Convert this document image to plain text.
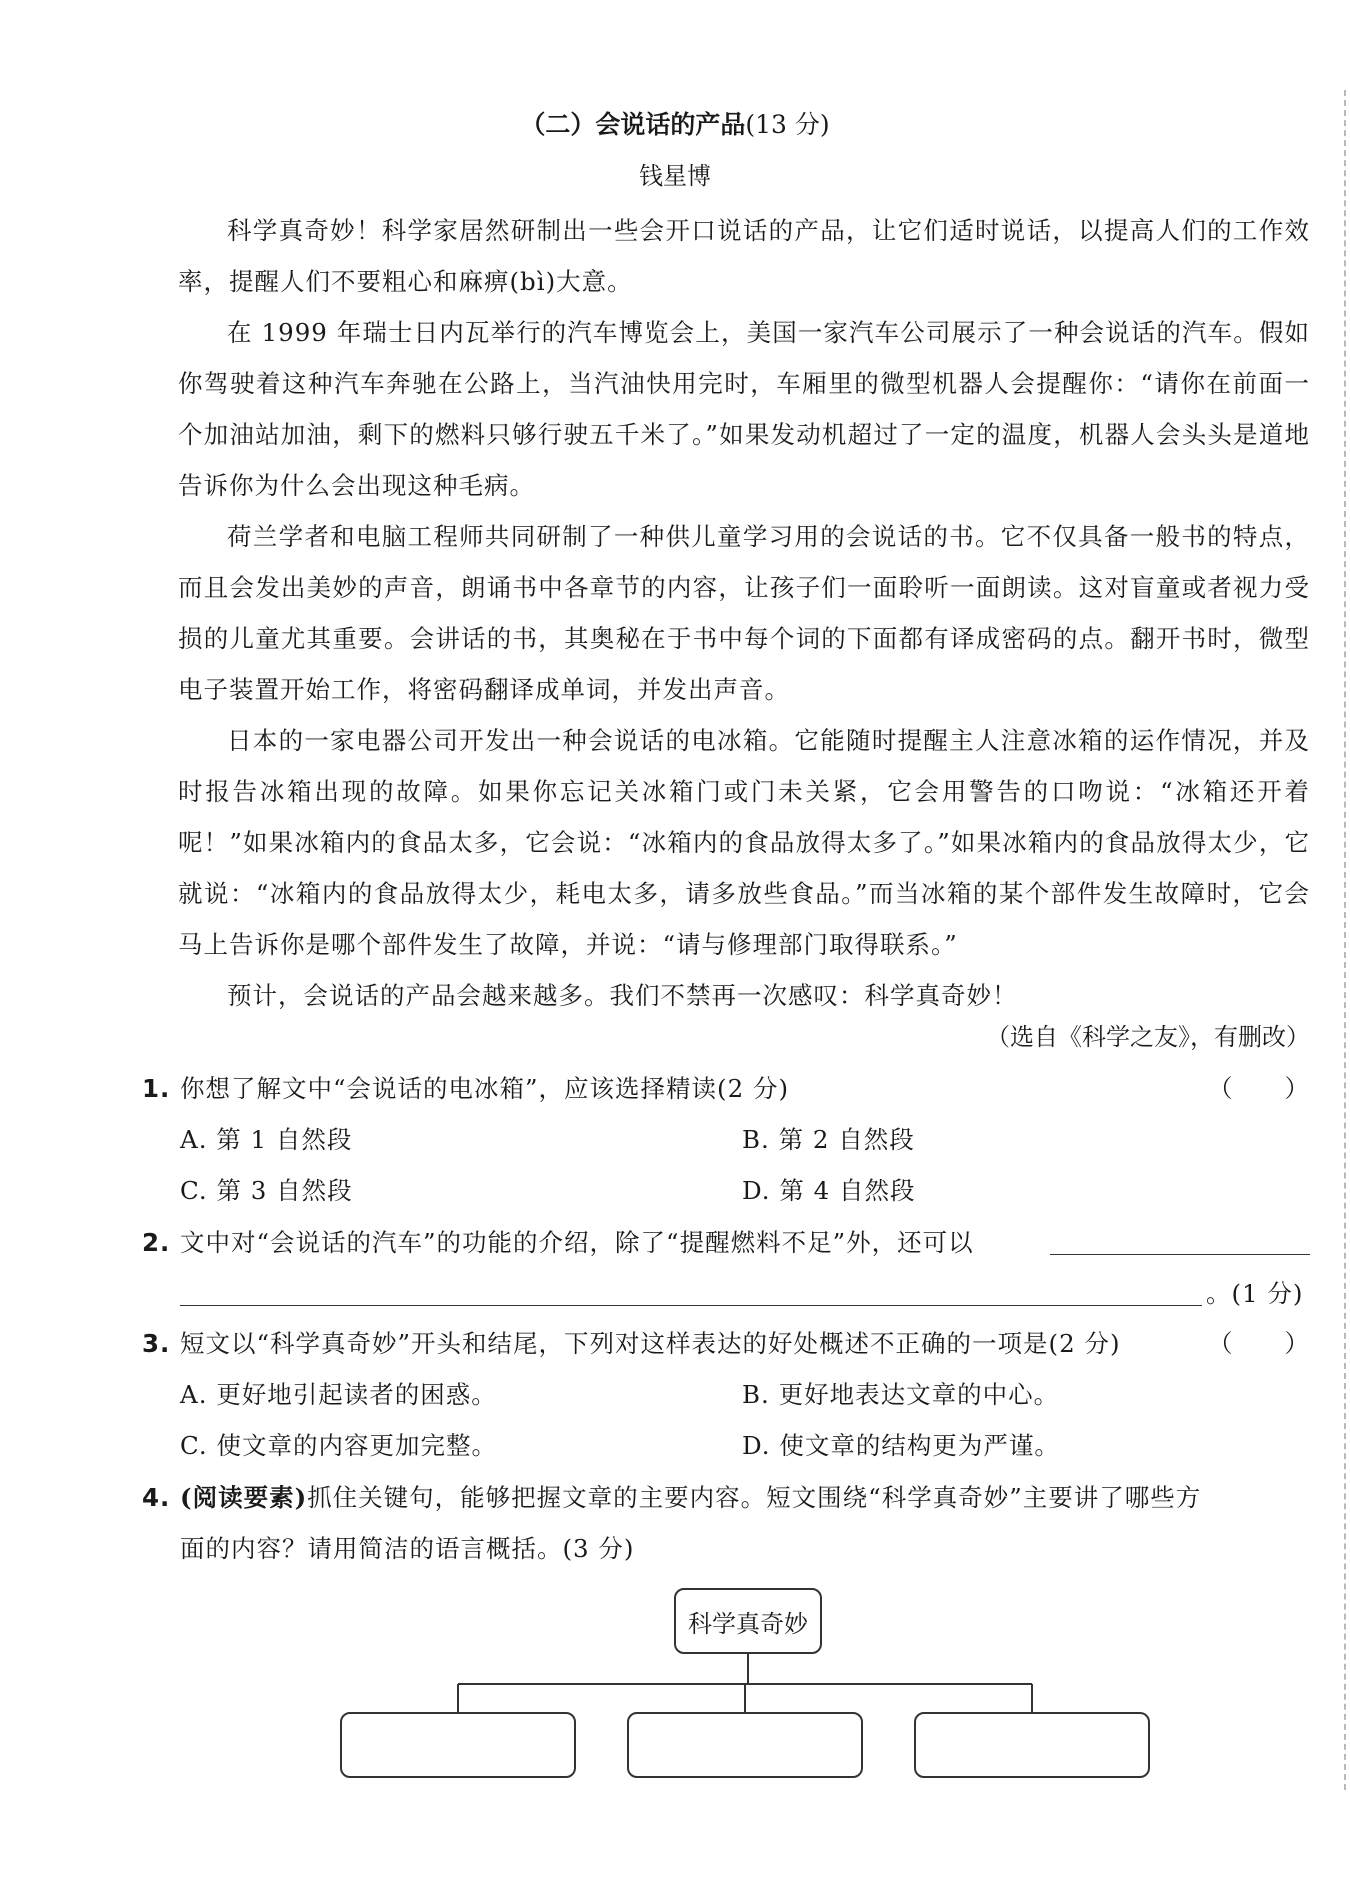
（二）会说话的产品(13 分)
钱星博

科学真奇妙！科学家居然研制出一些会开口说话的产品，让它们适时说话，以提高人们的工作效率，提醒人们不要粗心和麻痹(bì)大意。

在 1999 年瑞士日内瓦举行的汽车博览会上，美国一家汽车公司展示了一种会说话的汽车。假如你驾驶着这种汽车奔驰在公路上，当汽油快用完时，车厢里的微型机器人会提醒你：“请你在前面一个加油站加油，剩下的燃料只够行驶五千米了。”如果发动机超过了一定的温度，机器人会头头是道地告诉你为什么会出现这种毛病。

荷兰学者和电脑工程师共同研制了一种供儿童学习用的会说话的书。它不仅具备一般书的特点，而且会发出美妙的声音，朗诵书中各章节的内容，让孩子们一面聆听一面朗读。这对盲童或者视力受损的儿童尤其重要。会讲话的书，其奥秘在于书中每个词的下面都有译成密码的点。翻开书时，微型电子装置开始工作，将密码翻译成单词，并发出声音。

日本的一家电器公司开发出一种会说话的电冰箱。它能随时提醒主人注意冰箱的运作情况，并及时报告冰箱出现的故障。如果你忘记关冰箱门或门未关紧，它会用警告的口吻说：“冰箱还开着呢！”如果冰箱内的食品太多，它会说：“冰箱内的食品放得太多了。”如果冰箱内的食品放得太少，它就说：“冰箱内的食品放得太少，耗电太多，请多放些食品。”而当冰箱的某个部件发生故障时，它会马上告诉你是哪个部件发生了故障，并说：“请与修理部门取得联系。”

预计，会说话的产品会越来越多。我们不禁再一次感叹：科学真奇妙！

（选自《科学之友》，有删改）
1. 你想了解文中“会说话的电冰箱”，应该选择精读(2 分)	（　　）
A. 第 1 自然段	B. 第 2 自然段
C. 第 3 自然段	D. 第 4 自然段
2. 文中对“会说话的汽车”的功能的介绍，除了“提醒燃料不足”外，还可以
。(1 分)
3. 短文以“科学真奇妙”开头和结尾，下列对这样表达的好处概述不正确的一项是(2 分)	（　　）
A. 更好地引起读者的困惑。	B. 更好地表达文章的中心。
C. 使文章的内容更加完整。	D. 使文章的结构更为严谨。
4. (阅读要素)抓住关键句，能够把握文章的主要内容。短文围绕“科学真奇妙”主要讲了哪些方
面的内容？请用简洁的语言概括。(3 分)
科学真奇妙
